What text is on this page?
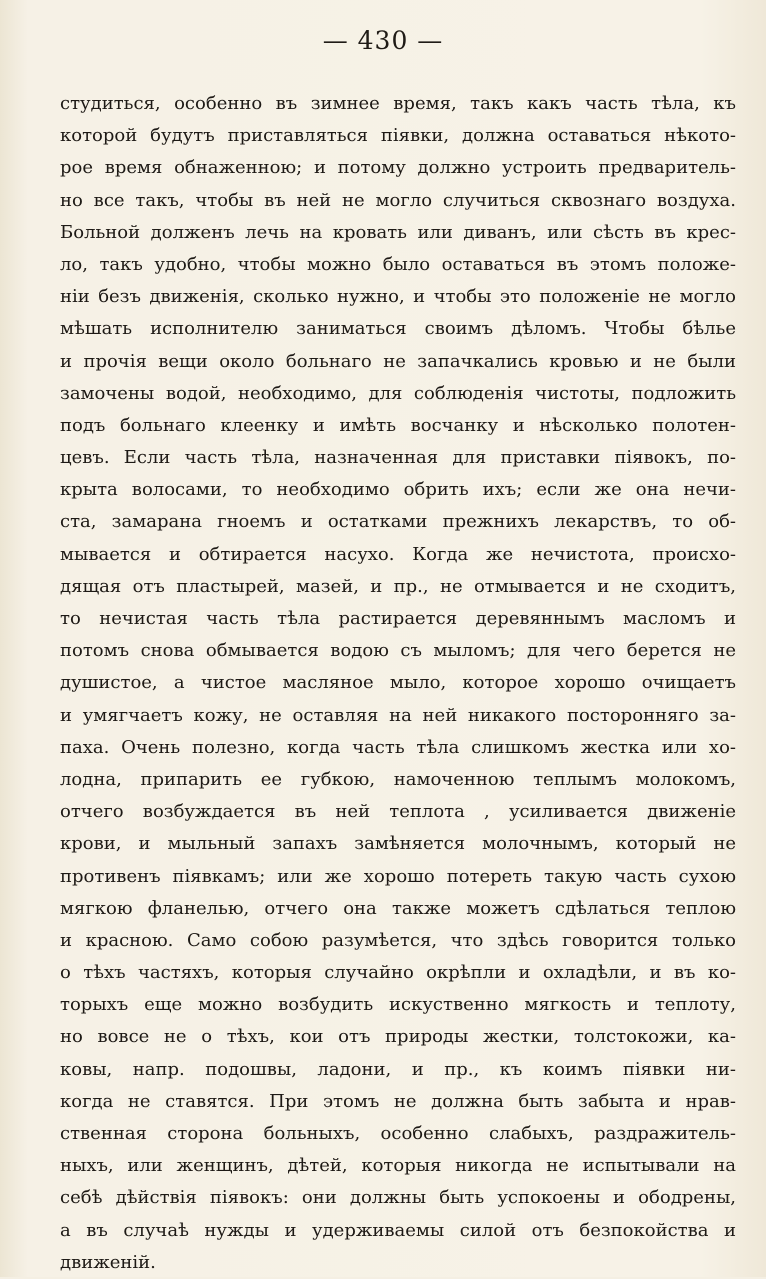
— 430 —
студиться, особенно въ зимнее время, такъ какъ часть тѣла, къ
которой будутъ приставляться піявки, должна оставаться нѣкото-
рое время обнаженною; и потому должно устроить предваритель-
но все такъ, чтобы въ ней не могло случиться сквознаго воздуха.
Больной долженъ лечь на кровать или диванъ, или сѣсть въ крес-
ло, такъ удобно, чтобы можно было оставаться въ этомъ положе-
ніи безъ движенія, сколько нужно, и чтобы это положеніе не могло
мѣшать исполнителю заниматься своимъ дѣломъ. Чтобы бѣлье
и прочія вещи около больнаго не запачкались кровью и не были
замочены водой, необходимо, для соблюденія чистоты, подложить
подъ больнаго клеенку и имѣть восчанку и нѣсколько полотен-
цевъ. Если часть тѣла, назначенная для приставки піявокъ, по-
крыта волосами, то необходимо обрить ихъ; если же она нечи-
ста, замарана гноемъ и остатками прежнихъ лекарствъ, то об-
мывается и обтирается насухо. Когда же нечистота, происхо-
дящая отъ пластырей, мазей, и пр., не отмывается и не сходитъ,
то нечистая часть тѣла растирается деревяннымъ масломъ и
потомъ снова обмывается водою съ мыломъ; для чего берется не
душистое, а чистое масляное мыло, которое хорошо очищаетъ
и умягчаетъ кожу, не оставляя на ней никакого посторонняго за-
паха. Очень полезно, когда часть тѣла слишкомъ жестка или хо-
лодна, припарить ее губкою, намоченною теплымъ молокомъ,
отчего возбуждается въ ней теплота , усиливается движеніе
крови, и мыльный запахъ замѣняется молочнымъ, который не
противенъ піявкамъ; или же хорошо потереть такую часть сухою
мягкою фланелью, отчего она также можетъ сдѣлаться теплою
и красною. Само собою разумѣется, что здѣсь говорится только
о тѣхъ частяхъ, которыя случайно окрѣпли и охладѣли, и въ ко-
торыхъ еще можно возбудить искуственно мягкость и теплоту,
но вовсе не о тѣхъ, кои отъ природы жестки, толстокожи, ка-
ковы, напр. подошвы, ладони, и пр., къ коимъ піявки ни-
когда не ставятся. При этомъ не должна быть забыта и нрав-
ственная сторона больныхъ, особенно слабыхъ, раздражитель-
ныхъ, или женщинъ, дѣтей, которыя никогда не испытывали на
себѣ дѣйствія піявокъ: они должны быть успокоены и ободрены,
а въ случаѣ нужды и удерживаемы силой отъ безпокойства и
движеній.
